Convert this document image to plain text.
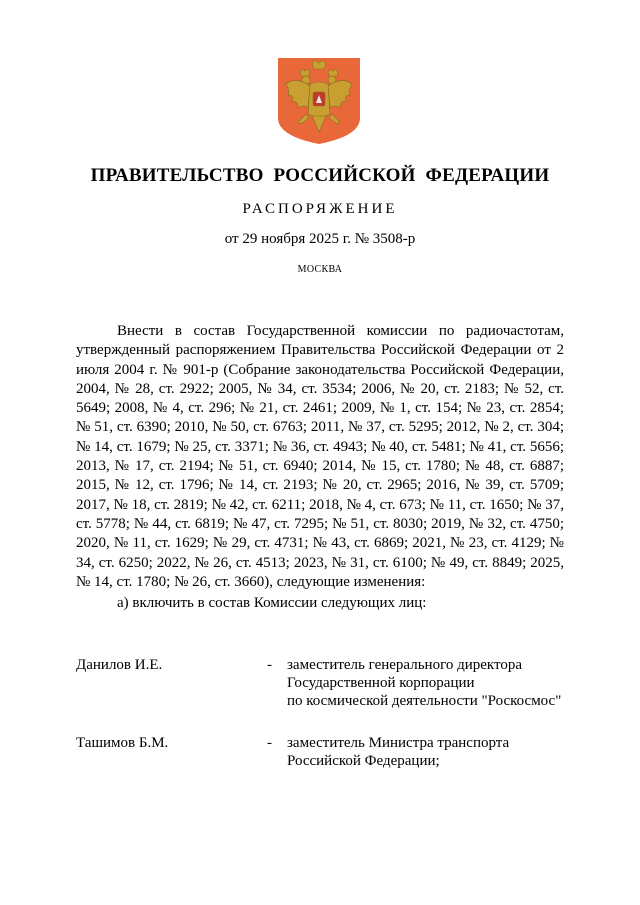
ПРАВИТЕЛЬСТВО РОССИЙСКОЙ ФЕДЕРАЦИИ
РАСПОРЯЖЕНИЕ
от 29 ноября 2025 г. № 3508-р
МОСКВА

Внести в состав Государственной комиссии по радиочастотам, утвержденный распоряжением Правительства Российской Федерации от 2 июля 2004 г. № 901-р (Собрание законодательства Российской Федерации, 2004, № 28, ст. 2922; 2005, № 34, ст. 3534; 2006, № 20, ст. 2183; № 52, ст. 5649; 2008, № 4, ст. 296; № 21, ст. 2461; 2009, № 1, ст. 154; № 23, ст. 2854; № 51, ст. 6390; 2010, № 50, ст. 6763; 2011, № 37, ст. 5295; 2012, № 2, ст. 304; № 14, ст. 1679; № 25, ст. 3371; № 36, ст. 4943; № 40, ст. 5481; № 41, ст. 5656; 2013, № 17, ст. 2194; № 51, ст. 6940; 2014, № 15, ст. 1780; № 48, ст. 6887; 2015, № 12, ст. 1796; № 14, ст. 2193; № 20, ст. 2965; 2016, № 39, ст. 5709; 2017, № 18, ст. 2819; № 42, ст. 6211; 2018, № 4, ст. 673; № 11, ст. 1650; № 37, ст. 5778; № 44, ст. 6819; № 47, ст. 7295; № 51, ст. 8030; 2019, № 32, ст. 4750; 2020, № 11, ст. 1629; № 29, ст. 4731; № 43, ст. 6869; 2021, № 23, ст. 4129; № 34, ст. 6250; 2022, № 26, ст. 4513; 2023, № 31, ст. 6100; № 49, ст. 8849; 2025, № 14, ст. 1780; № 26, ст. 3660), следующие изменения:

а) включить в состав Комиссии следующих лиц:

Данилов И.Е.	-	заместитель генерального директора
Государственной корпорации
по космической деятельности "Роскосмос"
Ташимов Б.М.	-	заместитель Министра транспорта
Российской Федерации;
